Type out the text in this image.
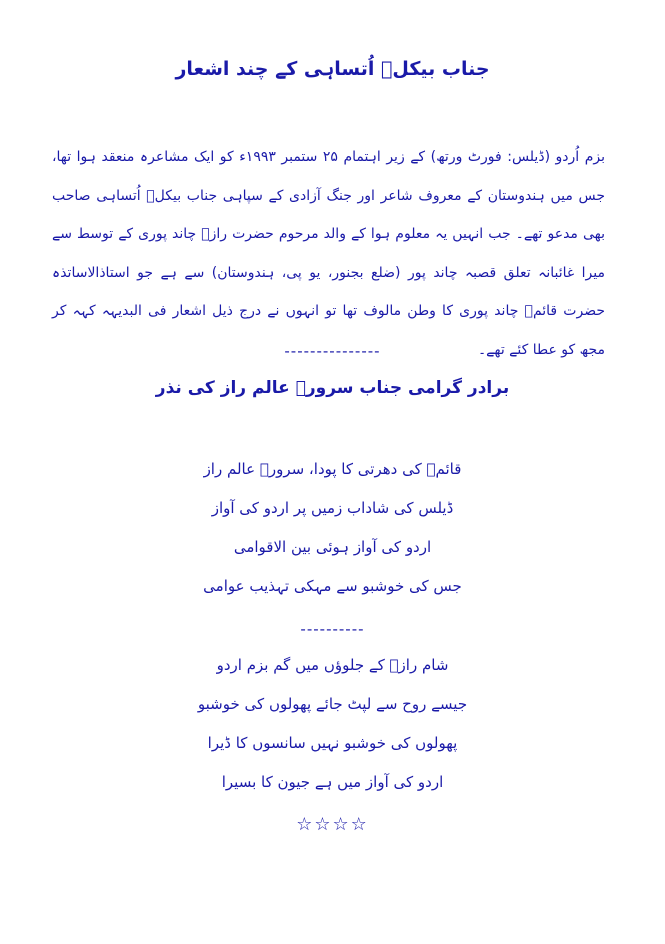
جناب بیکلؔ اُتساہی کے چند اشعار
بزم اُردو (ڈیلس: فورٹ ورتھ) کے زیر اہتمام ۲۵ ستمبر ۱۹۹۳ء کو ایک مشاعرہ منعقد ہوا تھا، جس میں ہندوستان کے معروف شاعر اور جنگ آزادی کے سپاہی جناب بیکلؔ اُتساہی صاحب بھی مدعو تھے۔ جب انہیں یہ معلوم ہوا کے والد مرحوم حضرت رازؔ چاند پوری کے توسط سے میرا غائبانہ تعلق قصبہ چاند پور (ضلع بجنور، یو پی، ہندوستان) سے ہے جو استاذالاساتذہ حضرت قائمؔ چاند پوری کا وطن مالوف تھا تو انہوں نے درج ذیل اشعار فی البدیہہ کہہ کر مجھ کو عطا کئے تھے۔
---------------
برادر گرامی جناب سرورؔ عالم راز کی نذر
قائمؔ کی دھرتی کا پودا، سرورؔ عالم راز
ڈیلس کی شاداب زمیں پر اردو کی آواز
اردو کی آواز ہوئی بین الاقوامی
جس کی خوشبو سے مہکی تہذیب عوامی
----------
شام رازؔ کے جلوؤں میں گم بزم اردو
جیسے روح سے لپٹ جائے پھولوں کی خوشبو
پھولوں کی خوشبو نہیں سانسوں کا ڈیرا
اردو کی آواز میں ہے جیون کا بسیرا
☆☆☆☆
